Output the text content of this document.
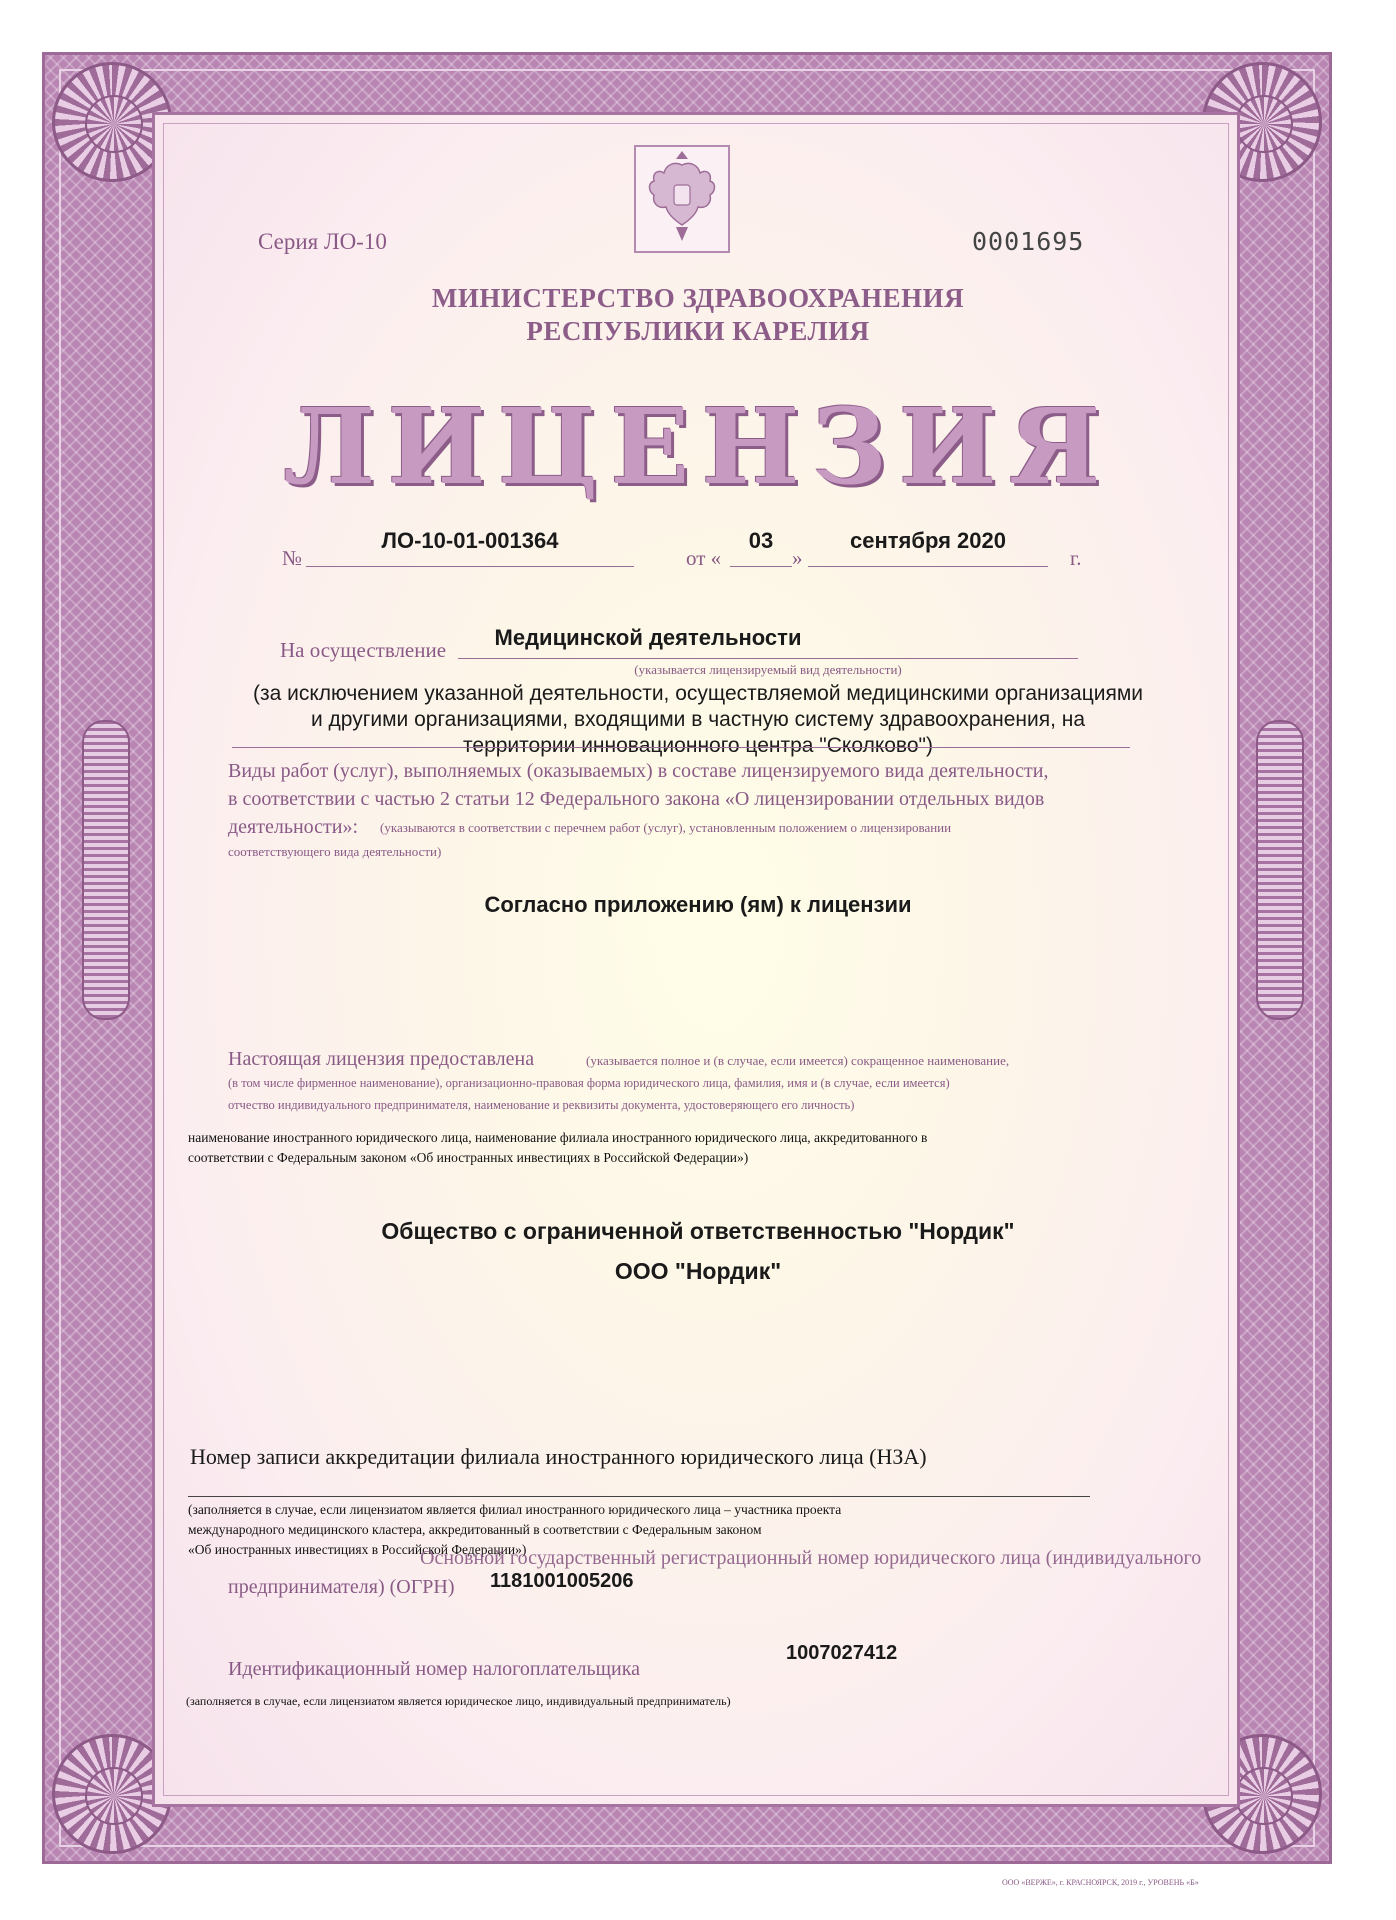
Серия ЛО-10	0001695
МИНИСТЕРСТВО ЗДРАВООХРАНЕНИЯ
РЕСПУБЛИКИ КАРЕЛИЯ
ЛИЦЕНЗИЯ
№
ЛО-10-01-001364
от «
03
»
сентября 2020
г.
На осуществление	Медицинской деятельности
(указывается лицензируемый вид деятельности)
(за исключением указанной деятельности, осуществляемой медицинскими организациями
и другими организациями, входящими в частную систему здравоохранения, на
территории инновационного центра "Сколково")
Виды работ (услуг), выполняемых (оказываемых) в составе лицензируемого вида деятельности,
в соответствии с частью 2 статьи 12 Федерального закона «О лицензировании отдельных видов
деятельности»: (указываются в соответствии с перечнем работ (услуг), установленным положением о лицензировании
соответствующего вида деятельности)
Согласно приложению (ям) к лицензии
Настоящая лицензия предоставлена	(указывается полное и (в случае, если имеется) сокращенное наименование,
(в том числе фирменное наименование), организационно-правовая форма юридического лица, фамилия, имя и (в случае, если имеется)
отчество индивидуального предпринимателя, наименование и реквизиты документа, удостоверяющего его личность)
наименование иностранного юридического лица, наименование филиала иностранного юридического лица, аккредитованного в
соответствии с Федеральным законом «Об иностранных инвестициях в Российской Федерации»)
Общество с ограниченной ответственностью "Нордик"
ООО "Нордик"
Номер записи аккредитации филиала иностранного юридического лица (НЗА)
(заполняется в случае, если лицензиатом является филиал иностранного юридического лица – участника проекта
международного медицинского кластера, аккредитованный в соответствии с Федеральным законом
«Об иностранных инвестициях в Российской Федерации»)
Основной государственный регистрационный номер юридического лица (индивидуального
предпринимателя) (ОГРН) 1181001005206
Идентификационный номер налогоплательщика
1007027412
(заполняется в случае, если лицензиатом является юридическое лицо, индивидуальный предприниматель)
ООО «ВЕРЖЕ», г. КРАСНОЯРСК, 2019 г., УРОВЕНЬ «Б»
